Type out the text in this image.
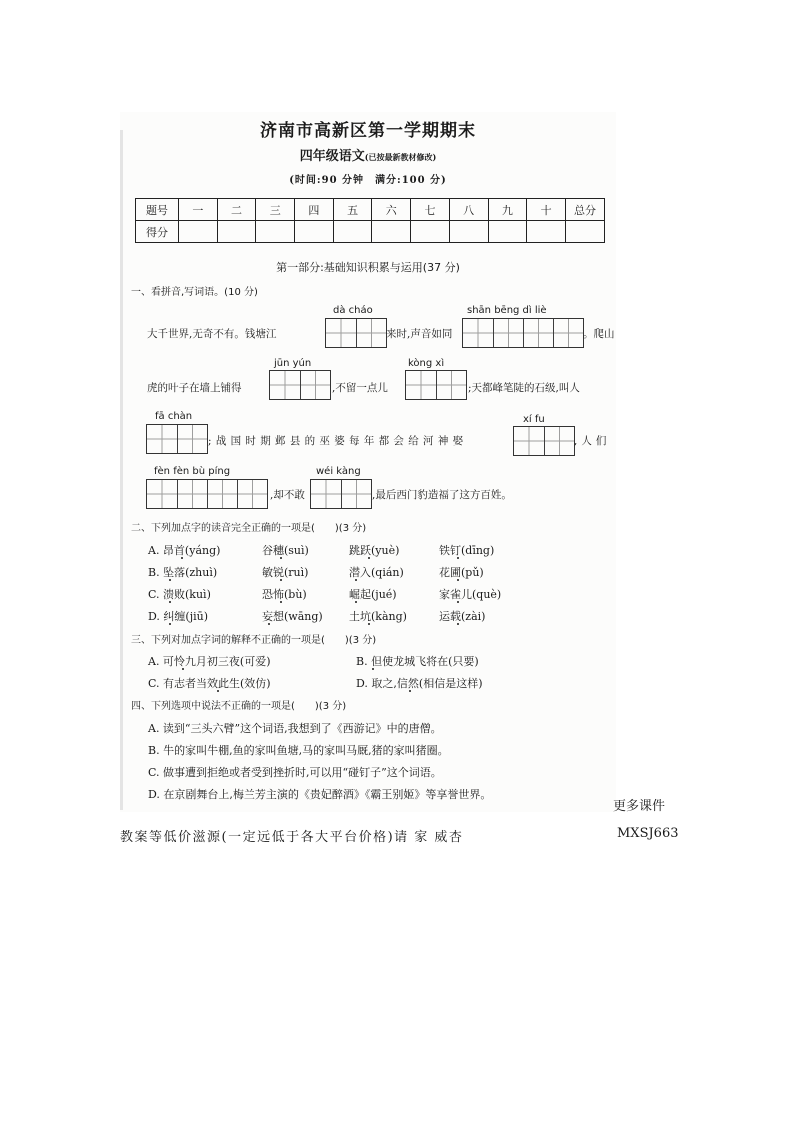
济南市高新区第一学期期末
四年级语文(已按最新教材修改)
(时间:90 分钟　满分:100 分)
题号	一	二	三	四	五	六	七	八	九	十	总分
得分											
第一部分:基础知识积累与运用(37 分)
一、看拼音,写词语。(10 分)
dà cháo	shān bēng dì liè
大千世界,无奇不有。钱塘江	来时,声音如同	。爬山
jūn yún	kòng xì
虎的叶子在墙上铺得	,不留一点儿	;天都峰笔陡的石级,叫人
fā chàn	xí fu
;战国时期邺县的巫婆每年都会给河神娶	,人们
fèn fèn bù píng	wéi kàng
,却不敢	,最后西门豹造福了这方百姓。
二、下列加点字的读音完全正确的一项是(　　)(3 分)
A. 昂首(yáng)	谷穗(suì)	跳跃(yuè)	铁钉(dīng)
B. 坠落(zhuì)	敏锐(ruì)	潜入(qián)	花圃(pǔ)
C. 溃败(kuì)	恐怖(bù)	崛起(jué)	家雀儿(què)
D. 纠缠(jiū)	妄想(wāng) 土坑(kàng)	运载(zài)
三、下列对加点字词的解释不正确的一项是(　　)(3 分)
A. 可怜九月初三夜(可爱)	B. 但使龙城飞将在(只要)
C. 有志者当效此生(效仿)	D. 取之,信然(相信是这样)
四、下列选项中说法不正确的一项是(　　)(3 分)
A. 读到“三头六臂”这个词语,我想到了《西游记》中的唐僧。
B. 牛的家叫牛棚,鱼的家叫鱼塘,马的家叫马厩,猪的家叫猪圈。
C. 做事遭到拒绝或者受到挫折时,可以用“碰钉子”这个词语。
D. 在京剧舞台上,梅兰芳主演的《贵妃醉酒》《霸王别姬》等享誉世界。
更多课件
教案等低价滋源(一定远低于各大平台价格)请 家 威杏	MXSJ663
